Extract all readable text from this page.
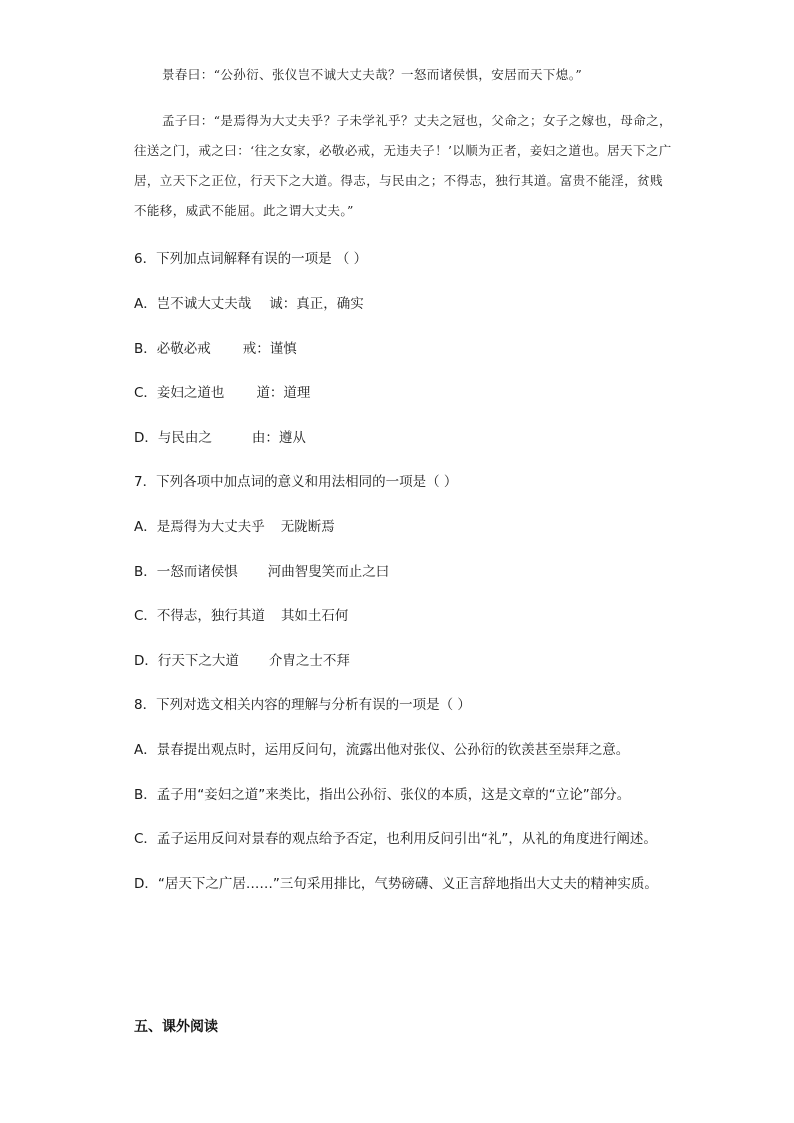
景春曰：“公孙衍、张仪岂不诚大丈夫哉？一怒而诸侯惧，安居而天下熄。”
孟子曰：“是焉得为大丈夫乎？子未学礼乎？丈夫之冠也，父命之；女子之嫁也，母命之，往送之门，戒之曰：‘往之女家，必敬必戒，无违夫子！’以顺为正者，妾妇之道也。居天下之广居，立天下之正位，行天下之大道。得志，与民由之；不得志，独行其道。富贵不能淫，贫贱不能移，威武不能屈。此之谓大丈夫。”
6．下列加点词解释有误的一项是 （ ）
A．岂不诚大丈夫哉 诚：真正，确实
B．必敬必戒 戒：谨慎
C．妾妇之道也 道：道理
D．与民由之	由：遵从
7．下列各项中加点词的意义和用法相同的一项是（ ）
A．是焉得为大丈夫乎 无陇断焉
B．一怒而诸侯惧 河曲智叟笑而止之曰
C．不得志，独行其道 其如土石何
D．行天下之大道 介胄之士不拜
8．下列对选文相关内容的理解与分析有误的一项是（ ）
A．景春提出观点时，运用反问句，流露出他对张仪、公孙衍的钦羡甚至崇拜之意。
B．孟子用“妾妇之道”来类比，指出公孙衍、张仪的本质，这是文章的“立论”部分。
C．孟子运用反问对景春的观点给予否定，也利用反问引出“礼”，从礼的角度进行阐述。
D．“居天下之广居……”三句采用排比，气势磅礴、义正言辞地指出大丈夫的精神实质。
五、课外阅读
